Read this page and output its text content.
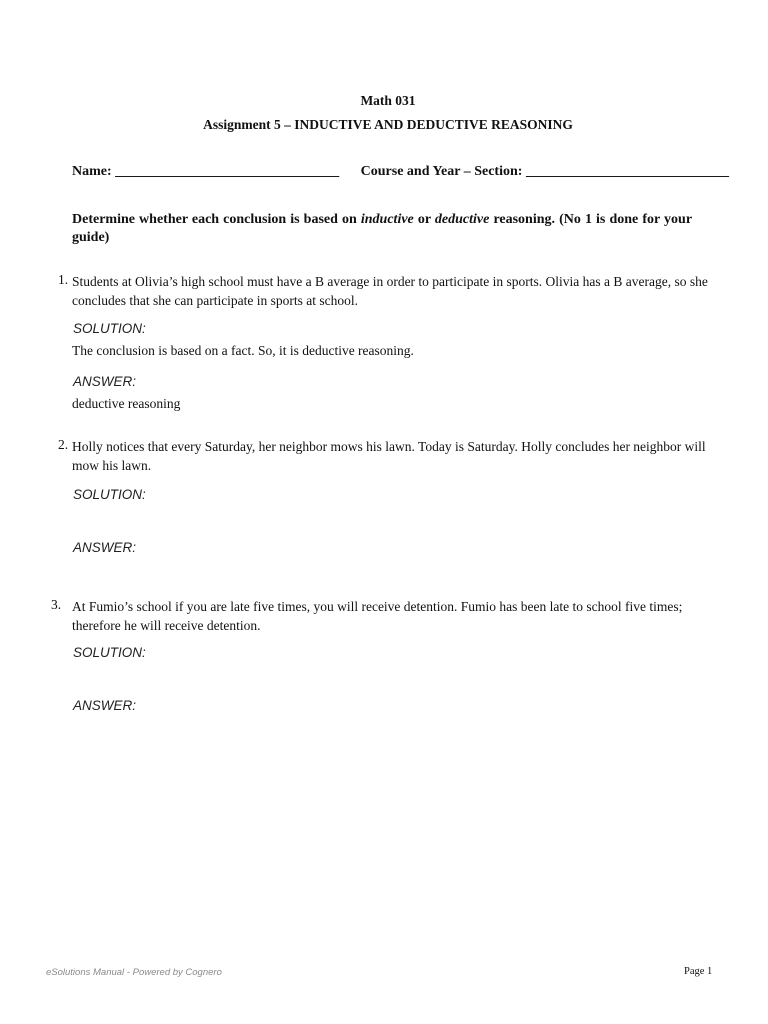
Math 031
Assignment 5 – INDUCTIVE AND DEDUCTIVE REASONING
Name: ________________________________ Course and Year – Section: _____________________________
Determine whether each conclusion is based on inductive or deductive reasoning. (No 1 is done for your guide)
1. Students at Olivia’s high school must have a B average in order to participate in sports. Olivia has a B average, so she concludes that she can participate in sports at school.
SOLUTION:
The conclusion is based on a fact. So, it is deductive reasoning.
ANSWER:
deductive reasoning
2. Holly notices that every Saturday, her neighbor mows his lawn. Today is Saturday. Holly concludes her neighbor will mow his lawn.
SOLUTION:
ANSWER:
3. At Fumio’s school if you are late five times, you will receive detention. Fumio has been late to school five times; therefore he will receive detention.
SOLUTION:
ANSWER:
eSolutions Manual - Powered by Cognero	Page 1
